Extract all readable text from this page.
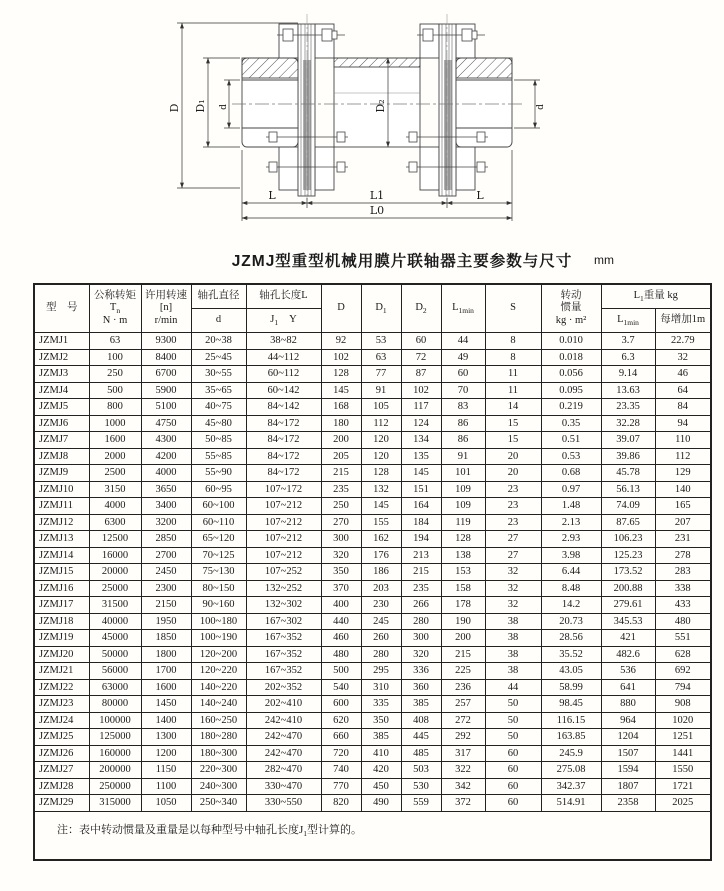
D D₁ d	D₂	d
L	L1	L
L0
JZMJ型重型机械用膜片联轴器主要参数与尺寸	mm
型　号	公称转矩
$T_n$
N · m	许用转速
[n]
r/min	轴孔直径	轴孔长度L	D	$D_1$	$D_2$	$L_{1min}$	S	转动
惯量
kg · m²	$L_1$重量 kg	
			d	$J_1$ Y							$L_{1min}$	每增加1m
JZMJ1	63	9300	20~38	38~82	92	53	60	44	8	0.010	3.7	22.79
JZMJ2	100	8400	25~45	44~112	102	63	72	49	8	0.018	6.3	32
JZMJ3	250	6700	30~55	60~112	128	77	87	60	11	0.056	9.14	46
JZMJ4	500	5900	35~65	60~142	145	91	102	70	11	0.095	13.63	64
JZMJ5	800	5100	40~75	84~142	168	105	117	83	14	0.219	23.35	84
JZMJ6	1000	4750	45~80	84~172	180	112	124	86	15	0.35	32.28	94
JZMJ7	1600	4300	50~85	84~172	200	120	134	86	15	0.51	39.07	110
JZMJ8	2000	4200	55~85	84~172	205	120	135	91	20	0.53	39.86	112
JZMJ9	2500	4000	55~90	84~172	215	128	145	101	20	0.68	45.78	129
JZMJ10	3150	3650	60~95	107~172	235	132	151	109	23	0.97	56.13	140
JZMJ11	4000	3400	60~100	107~212	250	145	164	109	23	1.48	74.09	165
JZMJ12	6300	3200	60~110	107~212	270	155	184	119	23	2.13	87.65	207
JZMJ13	12500	2850	65~120	107~212	300	162	194	128	27	2.93	106.23	231
JZMJ14	16000	2700	70~125	107~212	320	176	213	138	27	3.98	125.23	278
JZMJ15	20000	2450	75~130	107~252	350	186	215	153	32	6.44	173.52	283
JZMJ16	25000	2300	80~150	132~252	370	203	235	158	32	8.48	200.88	338
JZMJ17	31500	2150	90~160	132~302	400	230	266	178	32	14.2	279.61	433
JZMJ18	40000	1950	100~180	167~302	440	245	280	190	38	20.73	345.53	480
JZMJ19	45000	1850	100~190	167~352	460	260	300	200	38	28.56	421	551
JZMJ20	50000	1800	120~200	167~352	480	280	320	215	38	35.52	482.6	628
JZMJ21	56000	1700	120~220	167~352	500	295	336	225	38	43.05	536	692
JZMJ22	63000	1600	140~220	202~352	540	310	360	236	44	58.99	641	794
JZMJ23	80000	1450	140~240	202~410	600	335	385	257	50	98.45	880	908
JZMJ24	100000	1400	160~250	242~410	620	350	408	272	50	116.15	964	1020
JZMJ25	125000	1300	180~280	242~470	660	385	445	292	50	163.85	1204	1251
JZMJ26	160000	1200	180~300	242~470	720	410	485	317	60	245.9	1507	1441
JZMJ27	200000	1150	220~300	282~470	740	420	503	322	60	275.08	1594	1550
JZMJ28	250000	1100	240~300	330~470	770	450	530	342	60	342.37	1807	1721
JZMJ29	315000	1050	250~340	330~550	820	490	559	372	60	514.91	2358	2025
注：表中转动惯量及重量是以每种型号中轴孔长度$J_1$型计算的。												
